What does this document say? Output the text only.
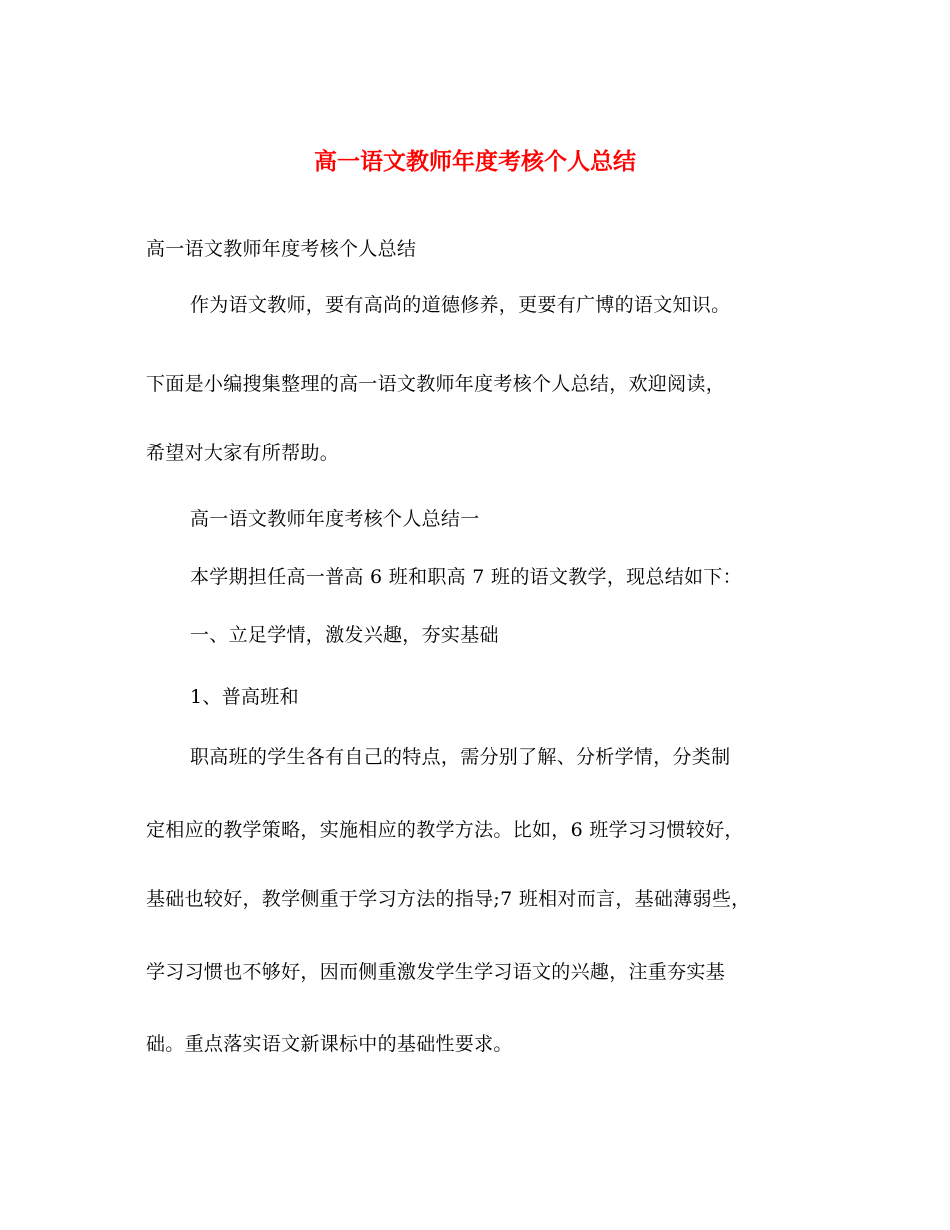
高一语文教师年度考核个人总结
高一语文教师年度考核个人总结
作为语文教师，要有高尚的道德修养，更要有广博的语文知识。
下面是小编搜集整理的高一语文教师年度考核个人总结，欢迎阅读，
希望对大家有所帮助。
高一语文教师年度考核个人总结一
本学期担任高一普高 6 班和职高 7 班的语文教学，现总结如下：
一、立足学情，激发兴趣，夯实基础
1、普高班和
职高班的学生各有自己的特点，需分别了解、分析学情，分类制
定相应的教学策略，实施相应的教学方法。比如，6 班学习习惯较好，
基础也较好，教学侧重于学习方法的指导;7 班相对而言，基础薄弱些，
学习习惯也不够好，因而侧重激发学生学习语文的兴趣，注重夯实基
础。重点落实语文新课标中的基础性要求。
